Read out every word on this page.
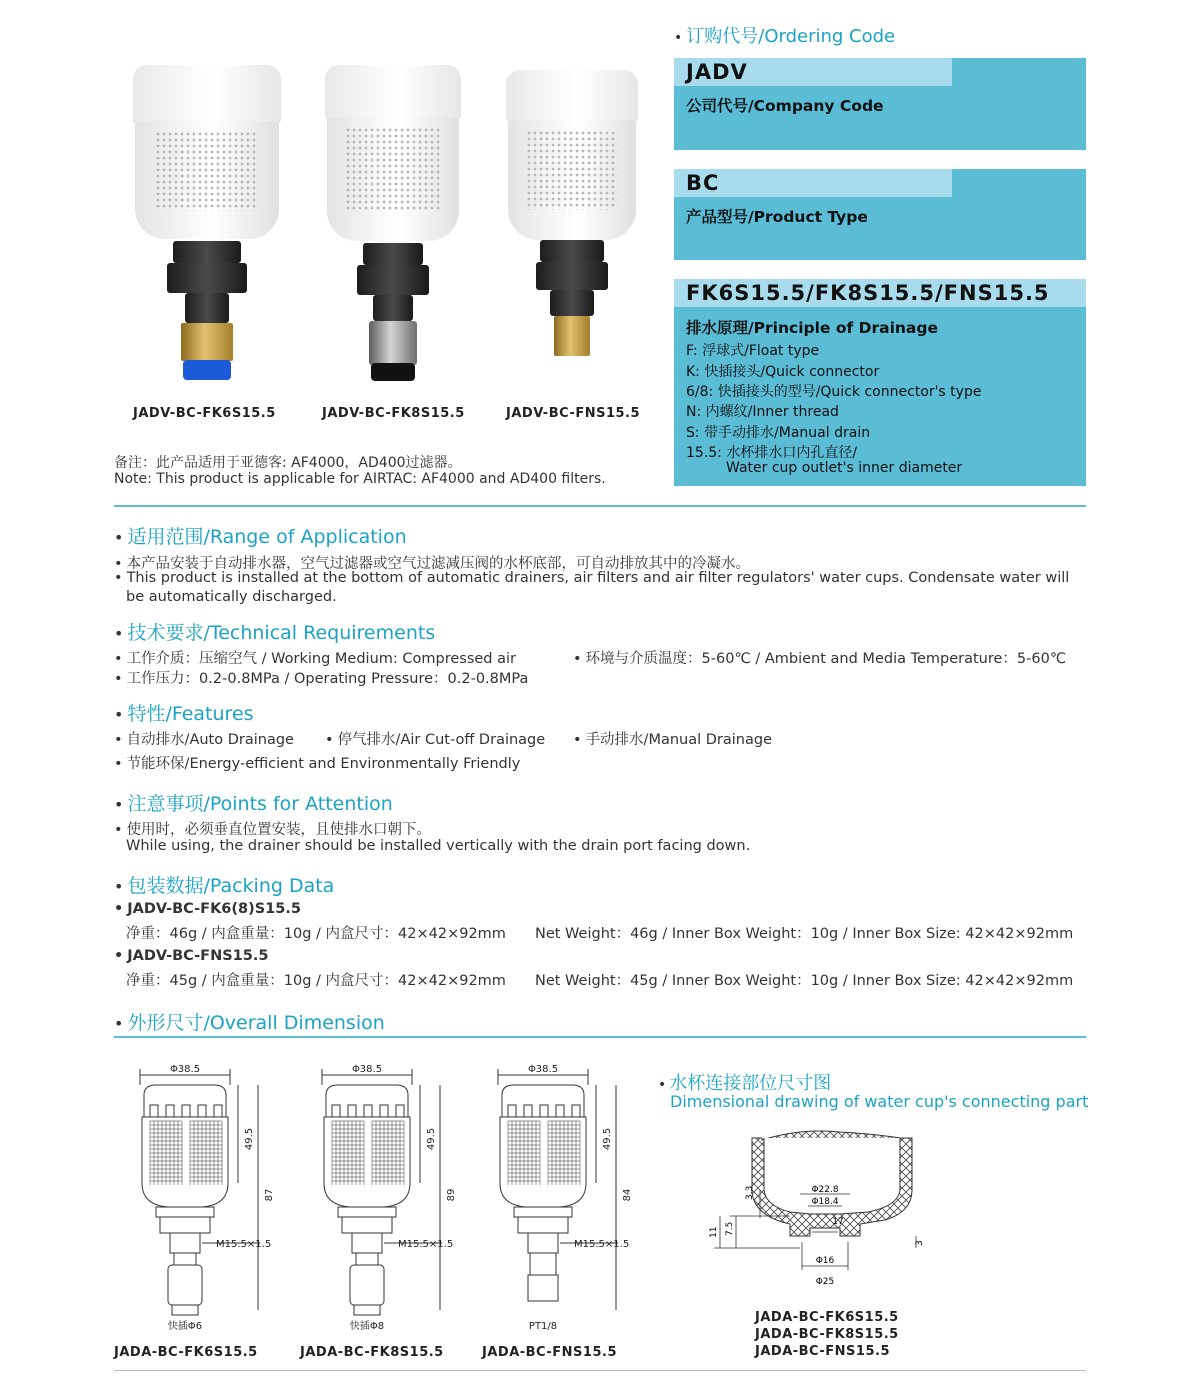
JADV-BC-FK6S15.5	JADV-BC-FK8S15.5	JADV-BC-FNS15.5
备注：此产品适用于亚德客: AF4000，AD400过滤器。
Note: This product is applicable for AIRTAC: AF4000 and AD400 filters.
• 订购代号/Ordering Code
JADV
公司代号/Company Code
BC
产品型号/Product Type
FK6S15.5/FK8S15.5/FNS15.5
排水原理/Principle of Drainage
F: 浮球式/Float type
K: 快插接头/Quick connector
6/8: 快插接头的型号/Quick connector's type
N: 内螺纹/Inner thread
S: 带手动排水/Manual drain
15.5: 水杯排水口内孔直径/
Water cup outlet's inner diameter
• 适用范围/Range of Application
• 本产品安装于自动排水器，空气过滤器或空气过滤减压阀的水杯底部，可自动排放其中的冷凝水。
• This product is installed at the bottom of automatic drainers, air filters and air filter regulators' water cups. Condensate water will
be automatically discharged.
• 技术要求/Technical Requirements
• 工作介质：压缩空气 / Working Medium: Compressed air	• 环境与介质温度：5-60℃ / Ambient and Media Temperature：5-60℃
• 工作压力：0.2-0.8MPa / Operating Pressure：0.2-0.8MPa
• 特性/Features
• 自动排水/Auto Drainage • 停气排水/Air Cut-off Drainage • 手动排水/Manual Drainage
• 节能环保/Energy-efficient and Environmentally Friendly
• 注意事项/Points for Attention
• 使用时，必须垂直位置安装，且使排水口朝下。
While using, the drainer should be installed vertically with the drain port facing down.
• 包装数据/Packing Data
• JADV-BC-FK6(8)S15.5
净重：46g / 内盒重量：10g / 内盒尺寸：42×42×92mm Net Weight：46g / Inner Box Weight：10g / Inner Box Size: 42×42×92mm
• JADV-BC-FNS15.5
净重：45g / 内盒重量：10g / 内盒尺寸：42×42×92mm Net Weight：45g / Inner Box Weight：10g / Inner Box Size: 42×42×92mm
• 外形尺寸/Overall Dimension
Φ38.5
49.5
87
M15.5×1.5
快插Φ6
Φ38.5
49.5
89
M15.5×1.5
快插Φ8
Φ38.5
49.5
84
M15.5×1.5
PT1/8
JADA-BC-FK6S15.5	JADA-BC-FK8S15.5	JADA-BC-FNS15.5
• 水杯连接部位尺寸图
Dimensional drawing of water cup's connecting part
Φ22.8
Φ18.4
17
Φ16
Φ25
3.3
7.5
11
3
JADA-BC-FK6S15.5
JADA-BC-FK8S15.5
JADA-BC-FNS15.5
